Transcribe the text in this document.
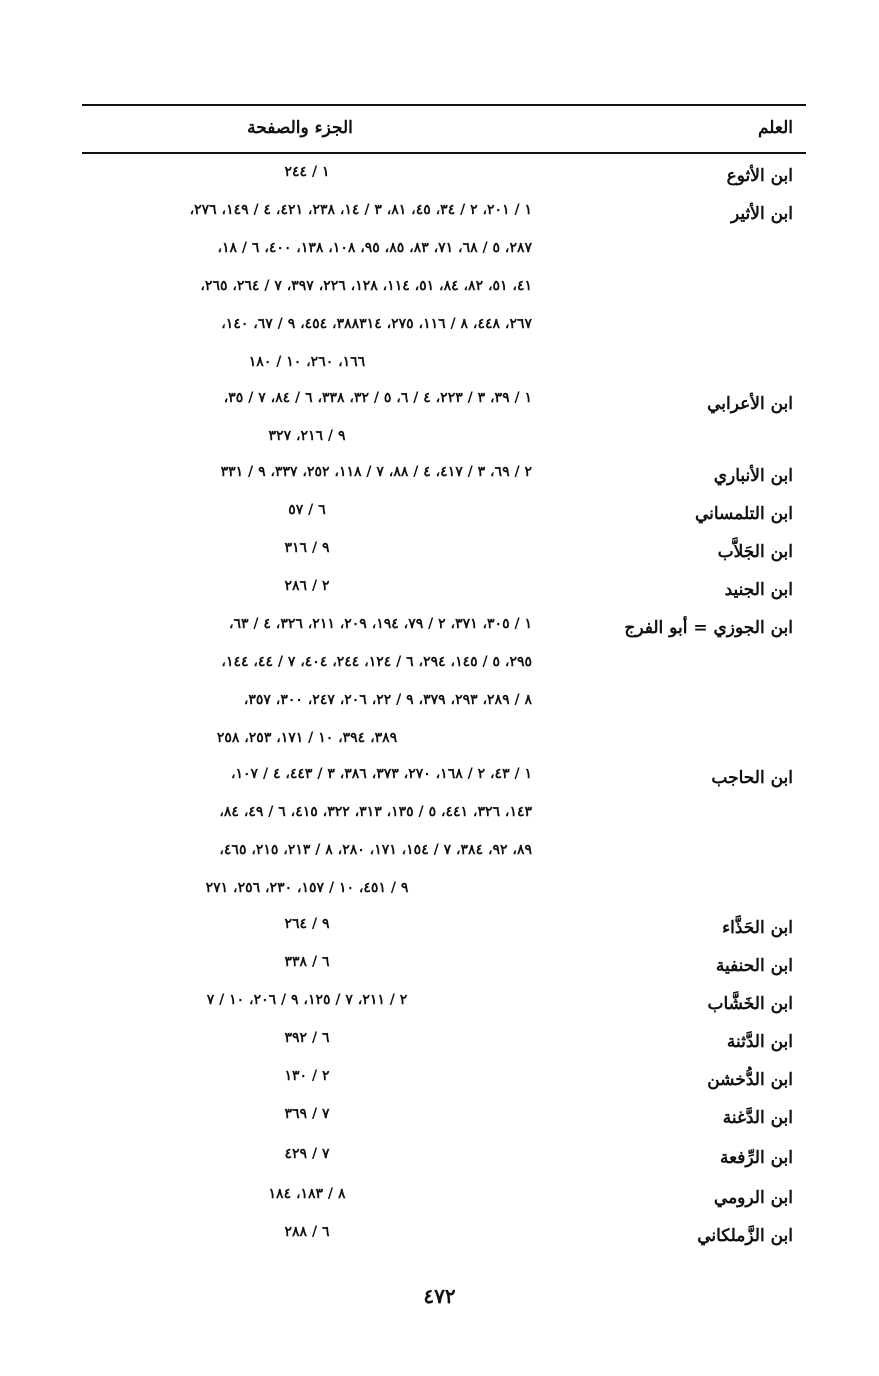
العلم
الجزء والصفحة
ابن الأثوع
١ / ٢٤٤
ابن الأثير
١ / ٢٠١، ٢ / ٣٤، ٤٥، ٨١، ٣ / ١٤، ٢٣٨، ٤٢١، ٤ / ١٤٩، ٢٧٦،
٢٨٧، ٥ / ٦٨، ٧١، ٨٣، ٨٥، ٩٥، ١٠٨، ١٣٨، ٤٠٠، ٦ / ١٨،
٤١، ٥١، ٨٢، ٨٤، ٥١، ١١٤، ١٢٨، ٢٢٦، ٣٩٧، ٧ / ٢٦٤، ٢٦٥،
٢٦٧، ٤٤٨، ٨ / ١١٦، ٢٧٥، ٣٨٨٣١٤، ٤٥٤، ٩ / ٦٧، ١٤٠،
١٦٦، ٢٦٠، ١٠ / ١٨٠
ابن الأعرابي
١ / ٣٩، ٣ / ٢٢٣، ٤ / ٦، ٥ / ٣٢، ٣٣٨، ٦ / ٨٤، ٧ / ٣٥،
٩ / ٢١٦، ٣٢٧
ابن الأنباري
٢ / ٦٩، ٣ / ٤١٧، ٤ / ٨٨، ٧ / ١١٨، ٢٥٢، ٣٣٧، ٩ / ٣٣١
ابن التلمساني
٦ / ٥٧
ابن الجَلاَّب
٩ / ٣١٦
ابن الجنيد
٢ / ٢٨٦
ابن الجوزي = أبو الفرج
١ / ٣٠٥، ٣٧١، ٢ / ٧٩، ١٩٤، ٢٠٩، ٢١١، ٣٢٦، ٤ / ٦٣،
٢٩٥، ٥ / ١٤٥، ٢٩٤، ٦ / ١٢٤، ٢٤٤، ٤٠٤، ٧ / ٤٤، ١٤٤،
٨ / ٢٨٩، ٢٩٣، ٣٧٩، ٩ / ٢٢، ٢٠٦، ٢٤٧، ٣٠٠، ٣٥٧،
٣٨٩، ٣٩٤، ١٠ / ١٧١، ٢٥٣، ٢٥٨
ابن الحاجب
١ / ٤٣، ٢ / ١٦٨، ٢٧٠، ٣٧٣، ٣٨٦، ٣ / ٤٤٣، ٤ / ١٠٧،
١٤٣، ٣٢٦، ٤٤١، ٥ / ١٣٥، ٣١٣، ٣٢٢، ٤١٥، ٦ / ٤٩، ٨٤،
٨٩، ٩٢، ٣٨٤، ٧ / ١٥٤، ١٧١، ٢٨٠، ٨ / ٢١٣، ٢١٥، ٤٦٥،
٩ / ٤٥١، ١٠ / ١٥٧، ٢٣٠، ٢٥٦، ٢٧١
ابن الحَذَّاء
٩ / ٢٦٤
ابن الحنفية
٦ / ٣٣٨
ابن الخَشَّاب
٢ / ٢١١، ٧ / ١٢٥، ٩ / ٢٠٦، ١٠ / ٧
ابن الدَّثنة
٦ / ٣٩٢
ابن الدُّخشن
٢ / ١٣٠
ابن الدَّغنة
٧ / ٣٦٩
ابن الرِّفعة
٧ / ٤٢٩
ابن الرومي
٨ / ١٨٣، ١٨٤
ابن الزَّملكاني
٦ / ٢٨٨
٤٧٢
